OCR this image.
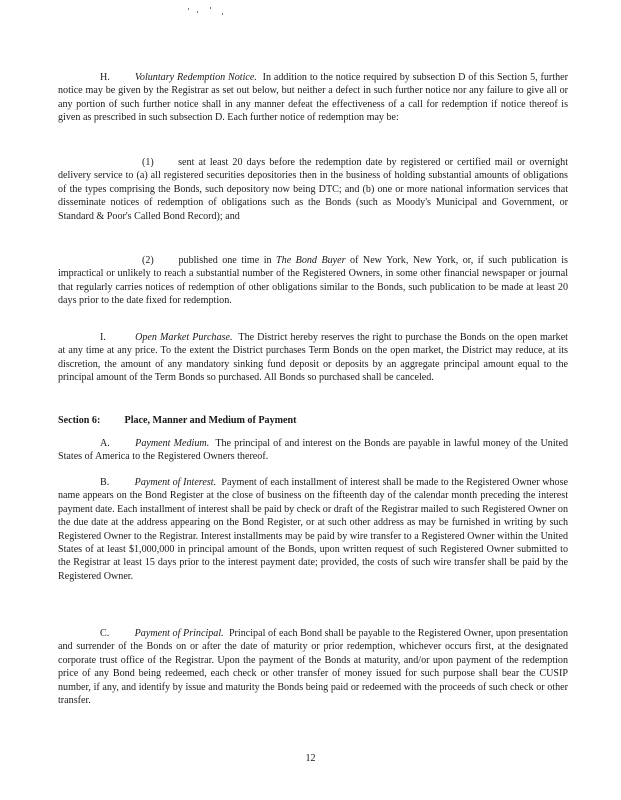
H. Voluntary Redemption Notice. In addition to the notice required by subsection D of this Section 5, further notice may be given by the Registrar as set out below, but neither a defect in such further notice nor any failure to give all or any portion of such further notice shall in any manner defeat the effectiveness of a call for redemption if notice thereof is given as prescribed in such subsection D. Each further notice of redemption may be:

(1) sent at least 20 days before the redemption date by registered or certified mail or overnight delivery service to (a) all registered securities depositories then in the business of holding substantial amounts of obligations of the types comprising the Bonds, such depository now being DTC; and (b) one or more national information services that disseminate notices of redemption of obligations such as the Bonds (such as Moody's Municipal and Government, or Standard & Poor's Called Bond Record); and

(2) published one time in The Bond Buyer of New York, New York, or, if such publication is impractical or unlikely to reach a substantial number of the Registered Owners, in some other financial newspaper or journal that regularly carries notices of redemption of other obligations similar to the Bonds, such publication to be made at least 20 days prior to the date fixed for redemption.

I.	Open Market Purchase. The District hereby reserves the right to purchase the Bonds on the open market at any time at any price. To the extent the District purchases Term Bonds on the open market, the District may reduce, at its discretion, the amount of any mandatory sinking fund deposit or deposits by an aggregate principal amount equal to the principal amount of the Term Bonds so purchased. All Bonds so purchased shall be canceled.

Section 6: Place, Manner and Medium of Payment

A.	Payment Medium. The principal of and interest on the Bonds are payable in lawful money of the United States of America to the Registered Owners thereof.

B.	Payment of Interest. Payment of each installment of interest shall be made to the Registered Owner whose name appears on the Bond Register at the close of business on the fifteenth day of the calendar month preceding the interest payment date. Each installment of interest shall be paid by check or draft of the Registrar mailed to such Registered Owner on the due date at the address appearing on the Bond Register, or at such other address as may be furnished in writing by such Registered Owner to the Registrar. Interest installments may be paid by wire transfer to a Registered Owner within the United States of at least $1,000,000 in principal amount of the Bonds, upon written request of such Registered Owner submitted to the Registrar at least 15 days prior to the interest payment date; provided, the costs of such wire transfer shall be paid by the Registered Owner.

C.	Payment of Principal. Principal of each Bond shall be payable to the Registered Owner, upon presentation and surrender of the Bonds on or after the date of maturity or prior redemption, whichever occurs first, at the designated corporate trust office of the Registrar. Upon the payment of the Bonds at maturity, and/or upon payment of the redemption price of any Bond being redeemed, each check or other transfer of money issued for such purpose shall bear the CUSIP number, if any, and identify by issue and maturity the Bonds being paid or redeemed with the proceeds of such check or other transfer.

12
